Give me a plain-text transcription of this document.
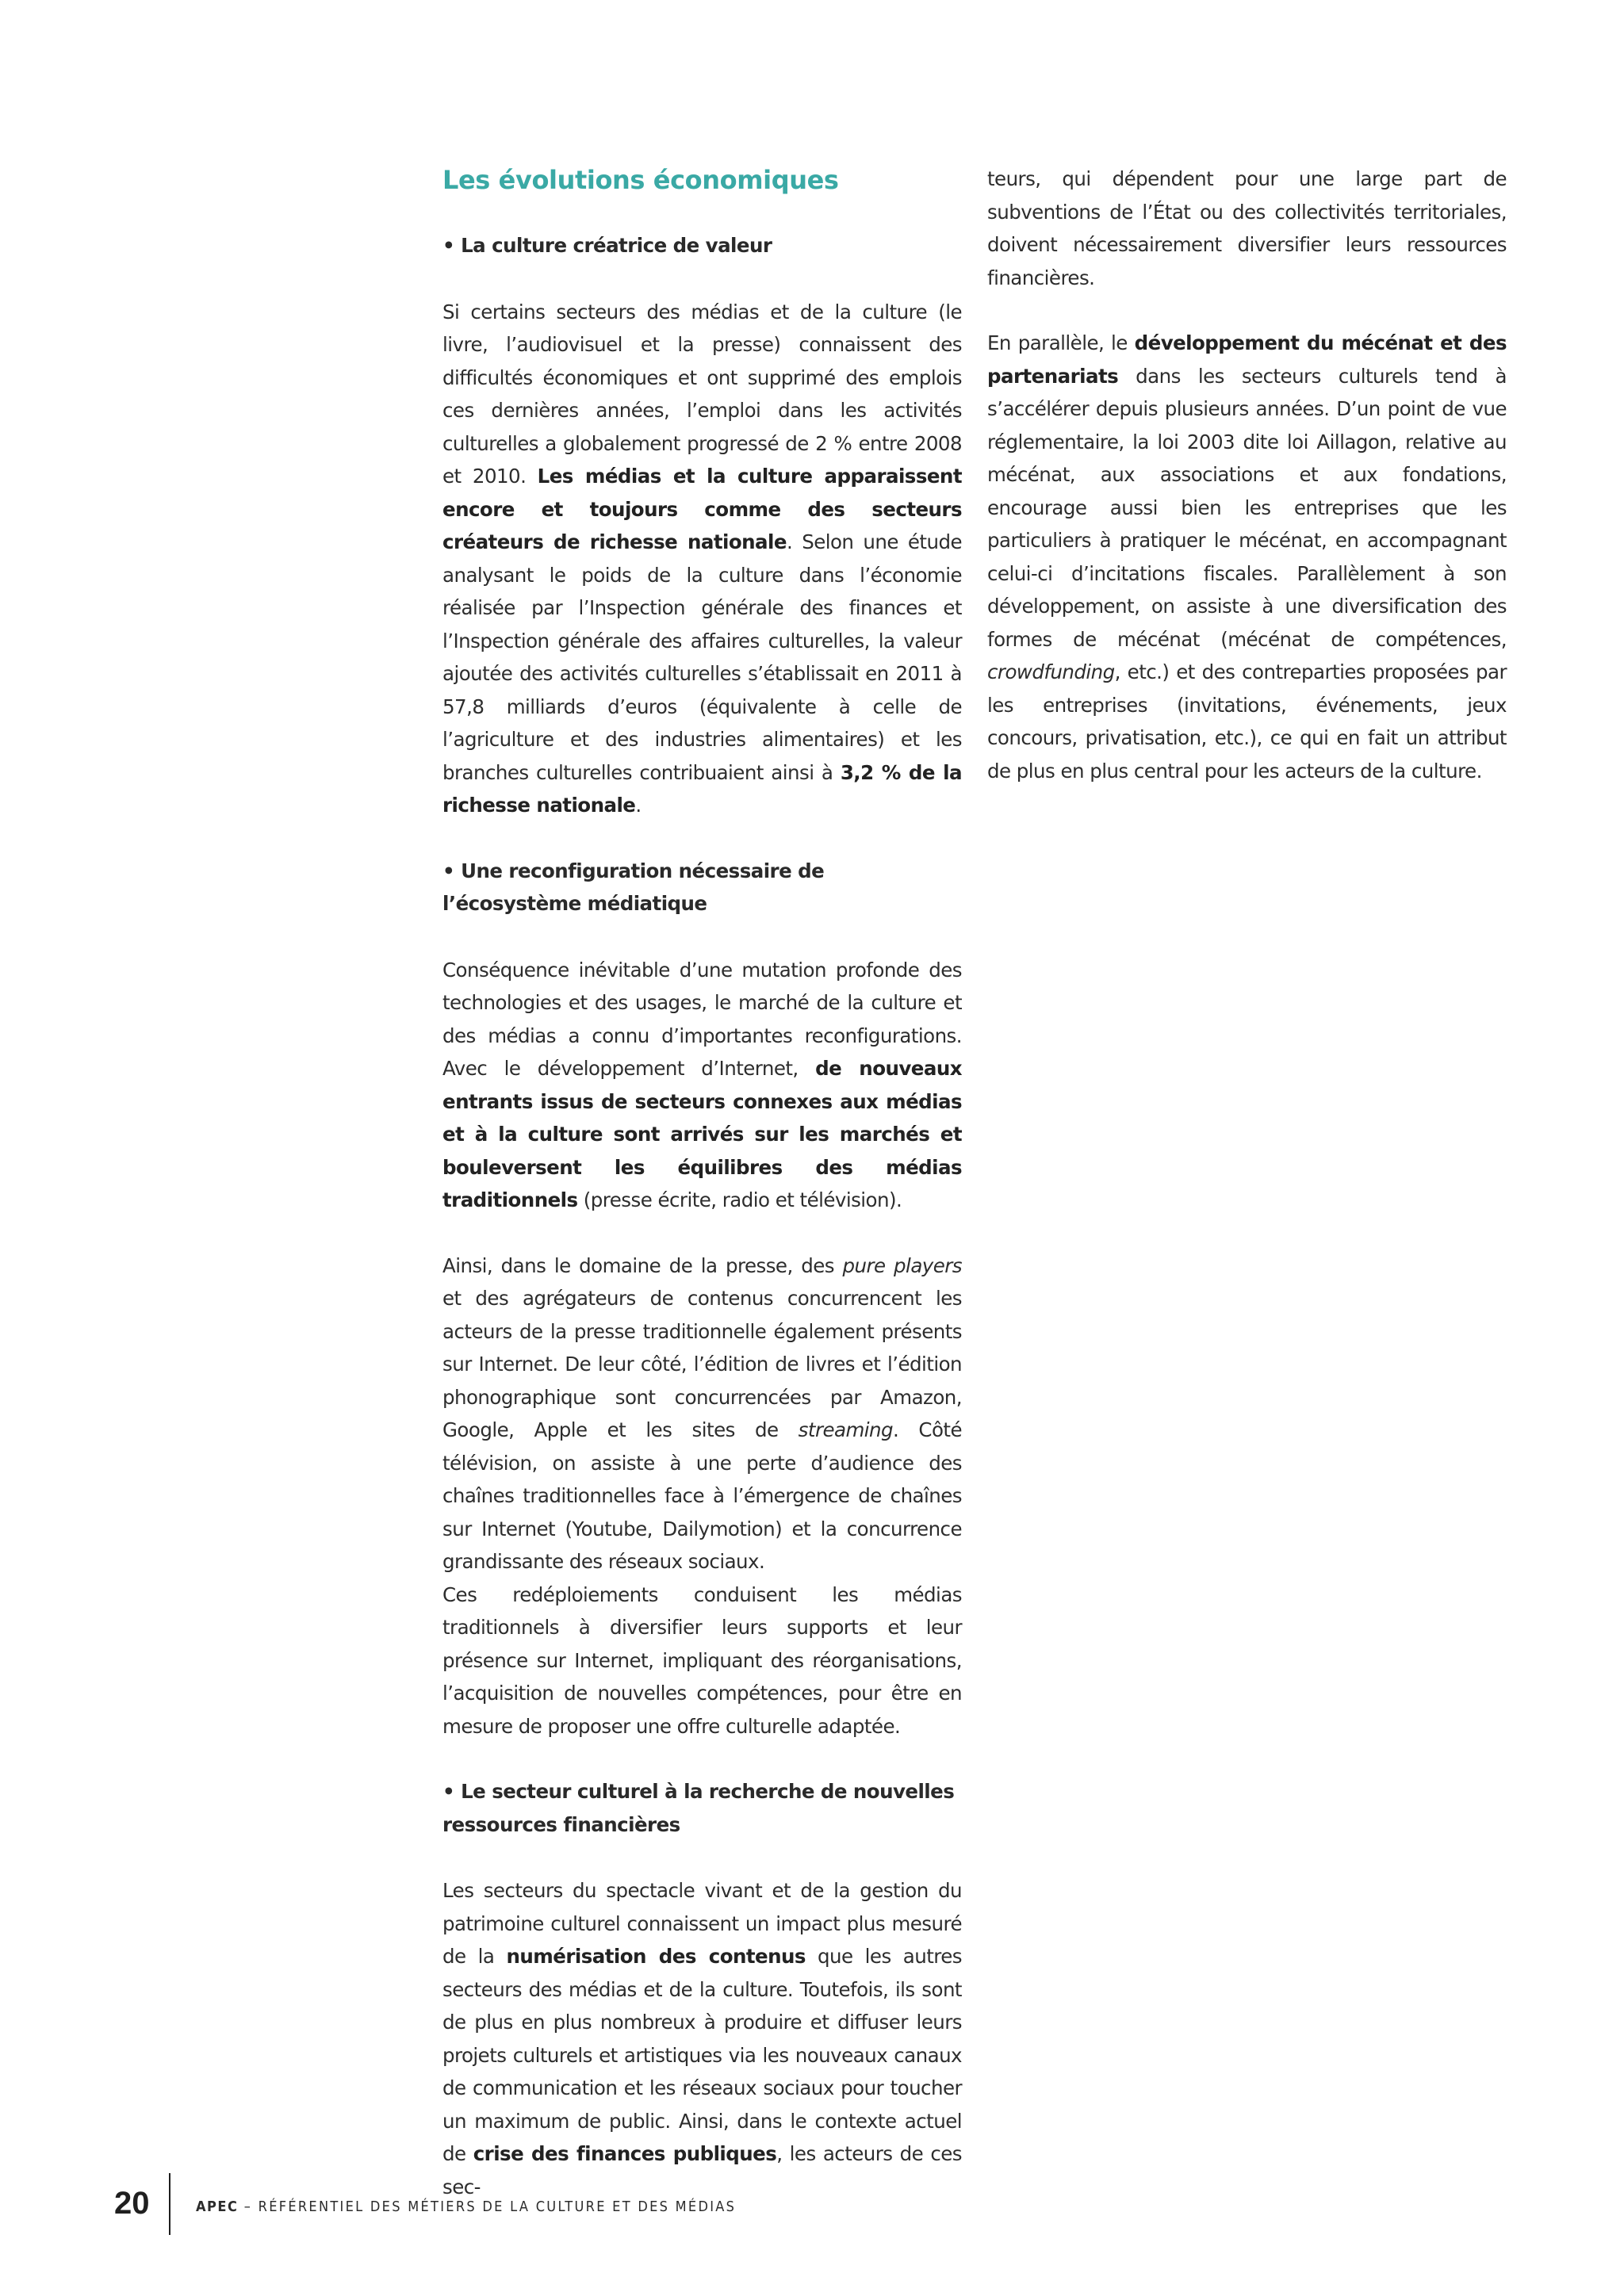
Les évolutions économiques

• La culture créatrice de valeur

Si certains secteurs des médias et de la culture (le livre, l’audiovisuel et la presse) connaissent des difficultés économiques et ont supprimé des emplois ces dernières années, l’emploi dans les activités culturelles a globalement progressé de 2 % entre 2008 et 2010. Les médias et la culture apparaissent encore et toujours comme des secteurs créateurs de richesse nationale. Selon une étude analysant le poids de la culture dans l’économie réalisée par l’Inspection générale des finances et l’Inspection générale des affaires culturelles, la valeur ajoutée des activités culturelles s’établissait en 2011 à 57,8 milliards d’euros (équivalente à celle de l’agriculture et des industries alimentaires) et les branches culturelles contribuaient ainsi à 3,2 % de la richesse nationale.

• Une reconfiguration nécessaire de l’écosystème médiatique

Conséquence inévitable d’une mutation profonde des technologies et des usages, le marché de la culture et des médias a connu d’importantes reconfigurations. Avec le développement d’Internet, de nouveaux entrants issus de secteurs connexes aux médias et à la culture sont arrivés sur les marchés et bouleversent les équilibres des médias traditionnels (presse écrite, radio et télévision).

Ainsi, dans le domaine de la presse, des pure players et des agrégateurs de contenus concurrencent les acteurs de la presse traditionnelle également présents sur Internet. De leur côté, l’édition de livres et l’édition phonographique sont concurrencées par Amazon, Google, Apple et les sites de streaming. Côté télévision, on assiste à une perte d’audience des chaînes traditionnelles face à l’émergence de chaînes sur Internet (Youtube, Dailymotion) et la concurrence grandissante des réseaux sociaux.

Ces redéploiements conduisent les médias traditionnels à diversifier leurs supports et leur présence sur Internet, impliquant des réorganisations, l’acquisition de nouvelles compétences, pour être en mesure de proposer une offre culturelle adaptée.

• Le secteur culturel à la recherche de nouvelles ressources financières

Les secteurs du spectacle vivant et de la gestion du patrimoine culturel connaissent un impact plus mesuré de la numérisation des contenus que les autres secteurs des médias et de la culture. Toutefois, ils sont de plus en plus nombreux à produire et diffuser leurs projets culturels et artistiques via les nouveaux canaux de communication et les réseaux sociaux pour toucher un maximum de public. Ainsi, dans le contexte actuel de crise des finances publiques, les acteurs de ces sec-

teurs, qui dépendent pour une large part de subventions de l’État ou des collectivités territoriales, doivent nécessairement diversifier leurs ressources financières.

En parallèle, le développement du mécénat et des partenariats dans les secteurs culturels tend à s’accélérer depuis plusieurs années. D’un point de vue réglementaire, la loi 2003 dite loi Aillagon, relative au mécénat, aux associations et aux fondations, encourage aussi bien les entreprises que les particuliers à pratiquer le mécénat, en accompagnant celui-ci d’incitations fiscales. Parallèlement à son développement, on assiste à une diversification des formes de mécénat (mécénat de compétences, crowdfunding, etc.) et des contreparties proposées par les entreprises (invitations, événements, jeux concours, privatisation, etc.), ce qui en fait un attribut de plus en plus central pour les acteurs de la culture.

20	APEC – RÉFÉRENTIEL DES MÉTIERS DE LA CULTURE ET DES MÉDIAS
